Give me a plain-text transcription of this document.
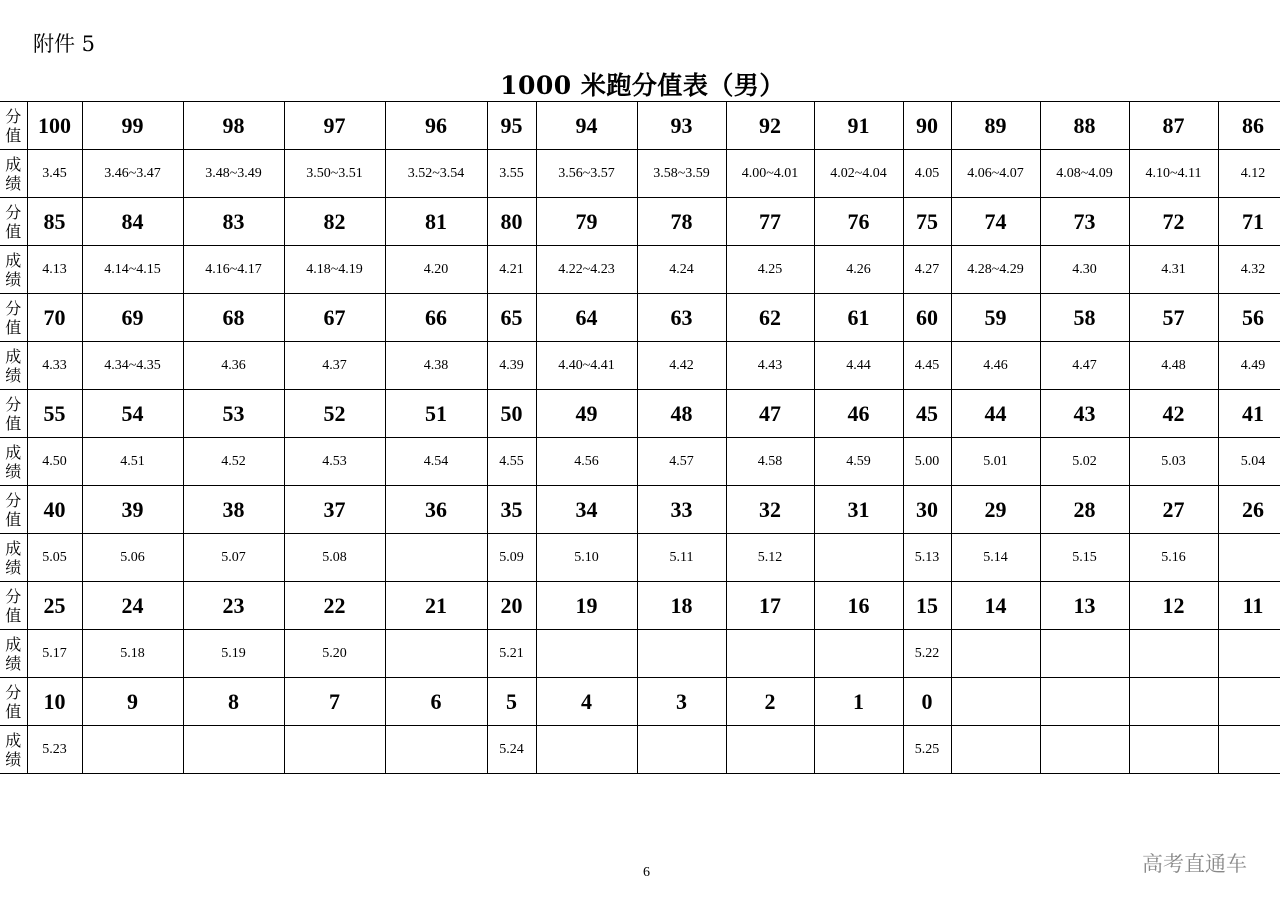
附件 5
1000 米跑分值表（男）
分
值	100	99	98	97	96	95	94	93	92	91	90	89	88	87	86
成
绩	3.45	3.46~3.47	3.48~3.49	3.50~3.51	3.52~3.54	3.55	3.56~3.57	3.58~3.59	4.00~4.01	4.02~4.04	4.05	4.06~4.07	4.08~4.09	4.10~4.11	4.12
分
值	85	84	83	82	81	80	79	78	77	76	75	74	73	72	71
成
绩	4.13	4.14~4.15	4.16~4.17	4.18~4.19	4.20	4.21	4.22~4.23	4.24	4.25	4.26	4.27	4.28~4.29	4.30	4.31	4.32
分
值	70	69	68	67	66	65	64	63	62	61	60	59	58	57	56
成
绩	4.33	4.34~4.35	4.36	4.37	4.38	4.39	4.40~4.41	4.42	4.43	4.44	4.45	4.46	4.47	4.48	4.49
分
值	55	54	53	52	51	50	49	48	47	46	45	44	43	42	41
成
绩	4.50	4.51	4.52	4.53	4.54	4.55	4.56	4.57	4.58	4.59	5.00	5.01	5.02	5.03	5.04
分
值	40	39	38	37	36	35	34	33	32	31	30	29	28	27	26
成
绩	5.05	5.06	5.07	5.08		5.09	5.10	5.11	5.12		5.13	5.14	5.15	5.16	
分
值	25	24	23	22	21	20	19	18	17	16	15	14	13	12	11
成
绩	5.17	5.18	5.19	5.20		5.21					5.22				
分
值	10	9	8	7	6	5	4	3	2	1	0				
成
绩	5.23					5.24					5.25				
6	高考直通车
